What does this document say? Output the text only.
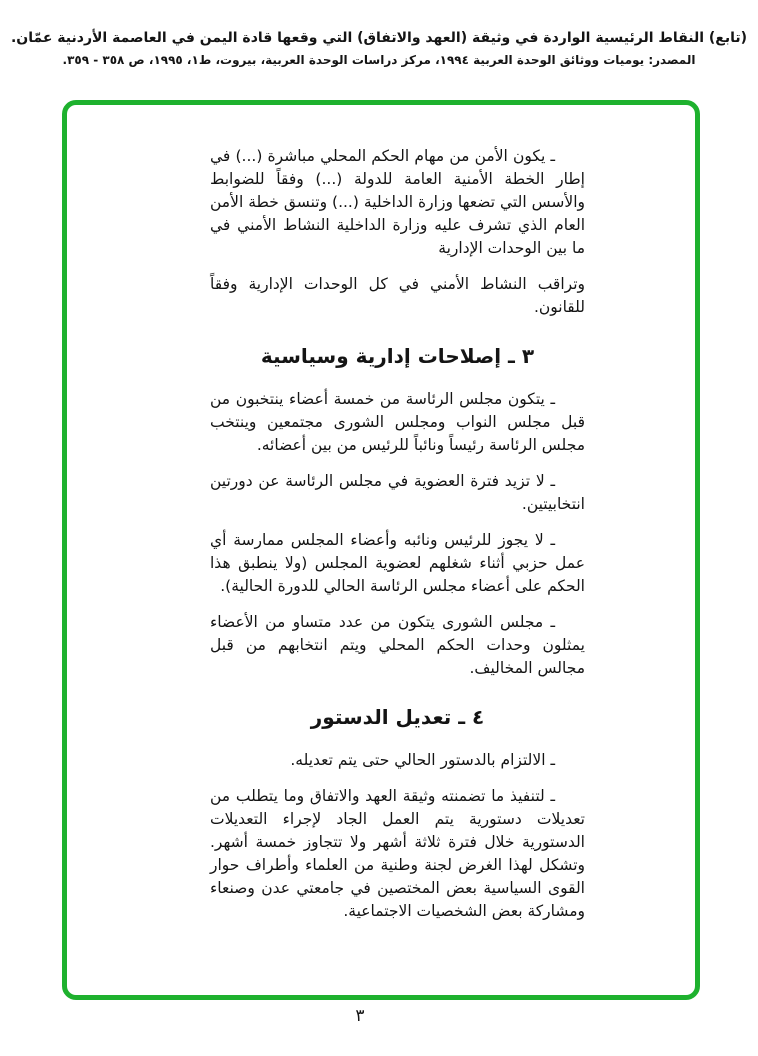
(تابع) النقاط الرئيسية الواردة في وثيقة (العهد والاتفاق) التي وقعها قادة اليمن في العاصمة الأردنية عمّان.
المصدر: يوميات ووثائق الوحدة العربية ١٩٩٤، مركز دراسات الوحدة العربية، بيروت، ط١، ١٩٩٥، ص ٣٥٨ - ٣٥٩.

ـ يكون الأمن من مهام الحكم المحلي مباشرة (...) في إطار الخطة الأمنية العامة للدولة (...) وفقاً للضوابط والأسس التي تضعها وزارة الداخلية (...) وتنسق خطة الأمن العام الذي تشرف عليه وزارة الداخلية النشاط الأمني في ما بين الوحدات الإدارية

وتراقب النشاط الأمني في كل الوحدات الإدارية وفقاً للقانون.

٣ ـ إصلاحات إدارية وسياسية

ـ يتكون مجلس الرئاسة من خمسة أعضاء ينتخبون من قبل مجلس النواب ومجلس الشورى مجتمعين وينتخب مجلس الرئاسة رئيساً ونائباً للرئيس من بين أعضائه.

ـ لا تزيد فترة العضوية في مجلس الرئاسة عن دورتين انتخابيتين.

ـ لا يجوز للرئيس ونائبه وأعضاء المجلس ممارسة أي عمل حزبي أثناء شغلهم لعضوية المجلس (ولا ينطبق هذا الحكم على أعضاء مجلس الرئاسة الحالي للدورة الحالية).

ـ مجلس الشورى يتكون من عدد متساو من الأعضاء يمثلون وحدات الحكم المحلي ويتم انتخابهم من قبل مجالس المخاليف.

٤ ـ تعديل الدستور

ـ الالتزام بالدستور الحالي حتى يتم تعديله.

ـ لتنفيذ ما تضمنته وثيقة العهد والاتفاق وما يتطلب من تعديلات دستورية يتم العمل الجاد لإجراء التعديلات الدستورية خلال فترة ثلاثة أشهر ولا تتجاوز خمسة أشهر. وتشكل لهذا الغرض لجنة وطنية من العلماء وأطراف حوار القوى السياسية بعض المختصين في جامعتي عدن وصنعاء ومشاركة بعض الشخصيات الاجتماعية.

٣
